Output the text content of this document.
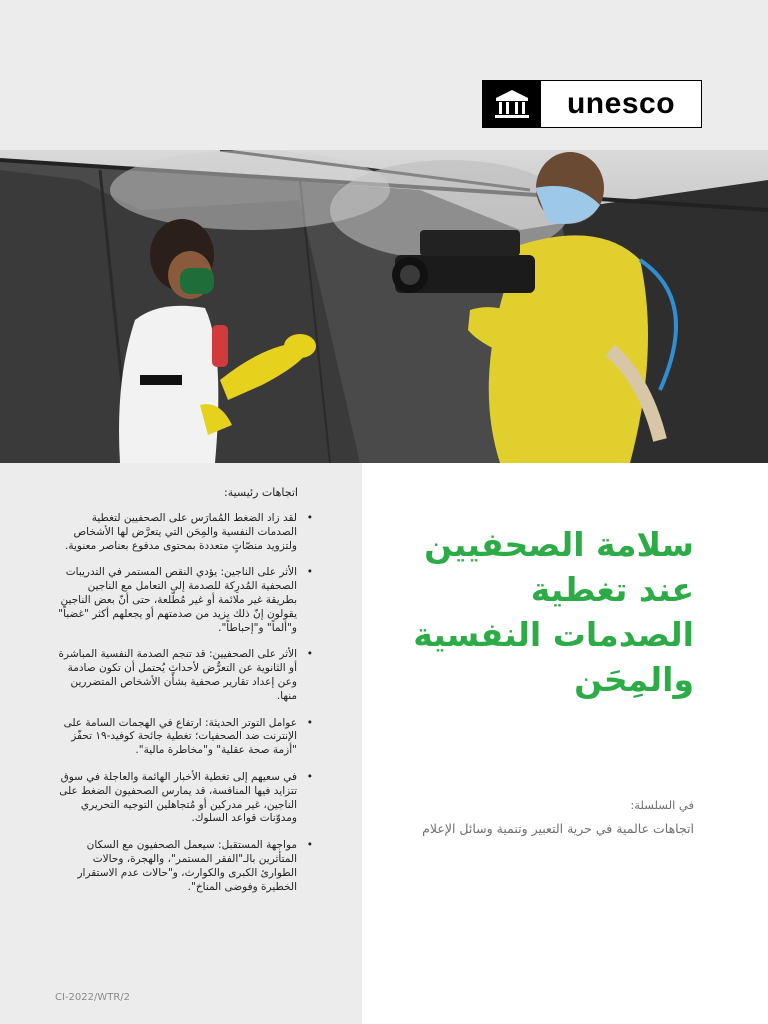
unesco
اتجاهات رئيسية:
•
لقد زاد الضغط المُمارَس على الصحفيين لتغطية الصدمات النفسية والمِحَن التي يتعرَّض لها الأشخاص ولتزويد منصّاتٍ متعددة بمحتوى مدفوع بعناصر معنوية.
•
الأثر على الناجين: يؤدي النقص المستمر في التدريبات الصحفية المُدرِكة للصدمة إلى التعامل مع الناجين بطريقة غير ملائمة أو غير مُطّلعة، حتى أنّ بعض الناجين يقولون إنّ ذلك يزيد من صدمتهم أو يجعلهم أكثر "غضباً" و"ألماً" و"إحباطاً".
•
الأثر على الصحفيين: قد تنجم الصدمة النفسية المباشرة أو الثانوية عن التعرُّض لأحداثٍ يُحتمل أن تكون صادمة وعن إعداد تقارير صحفية بشأن الأشخاص المتضررين منها.
•
عوامل التوتر الحديثة: ارتفاع في الهجمات السامة على الإنترنت ضد الصحفيات؛ تغطية جائحة كوفيد-١٩ تحفّز "أزمة صحة عقلية" و"مخاطرة مالية".
•
في سعيهم إلى تغطية الأخبار الهائمة والعاجلة في سوق تتزايد فيها المنافسة، قد يمارس الصحفيون الضغط على الناجين، غير مدركين أو مُتجاهلين التوجيه التحريري ومدوّنات قواعد السلوك.
•
مواجهة المستقبل: سيعمل الصحفيون مع السكان المتأثرين بالـ"الفقر المستمر"، والهجرة، وحالات الطوارئ الكبرى والكوارث، و"حالات عدم الاستقرار الخطيرة وفوضى المناخ".
سلامة الصحفيين
عند تغطية
الصدمات النفسية
والمِحَن
في السلسلة:
اتجاهات عالمية في حرية التعبير وتنمية وسائل الإعلام
CI-2022/WTR/2
